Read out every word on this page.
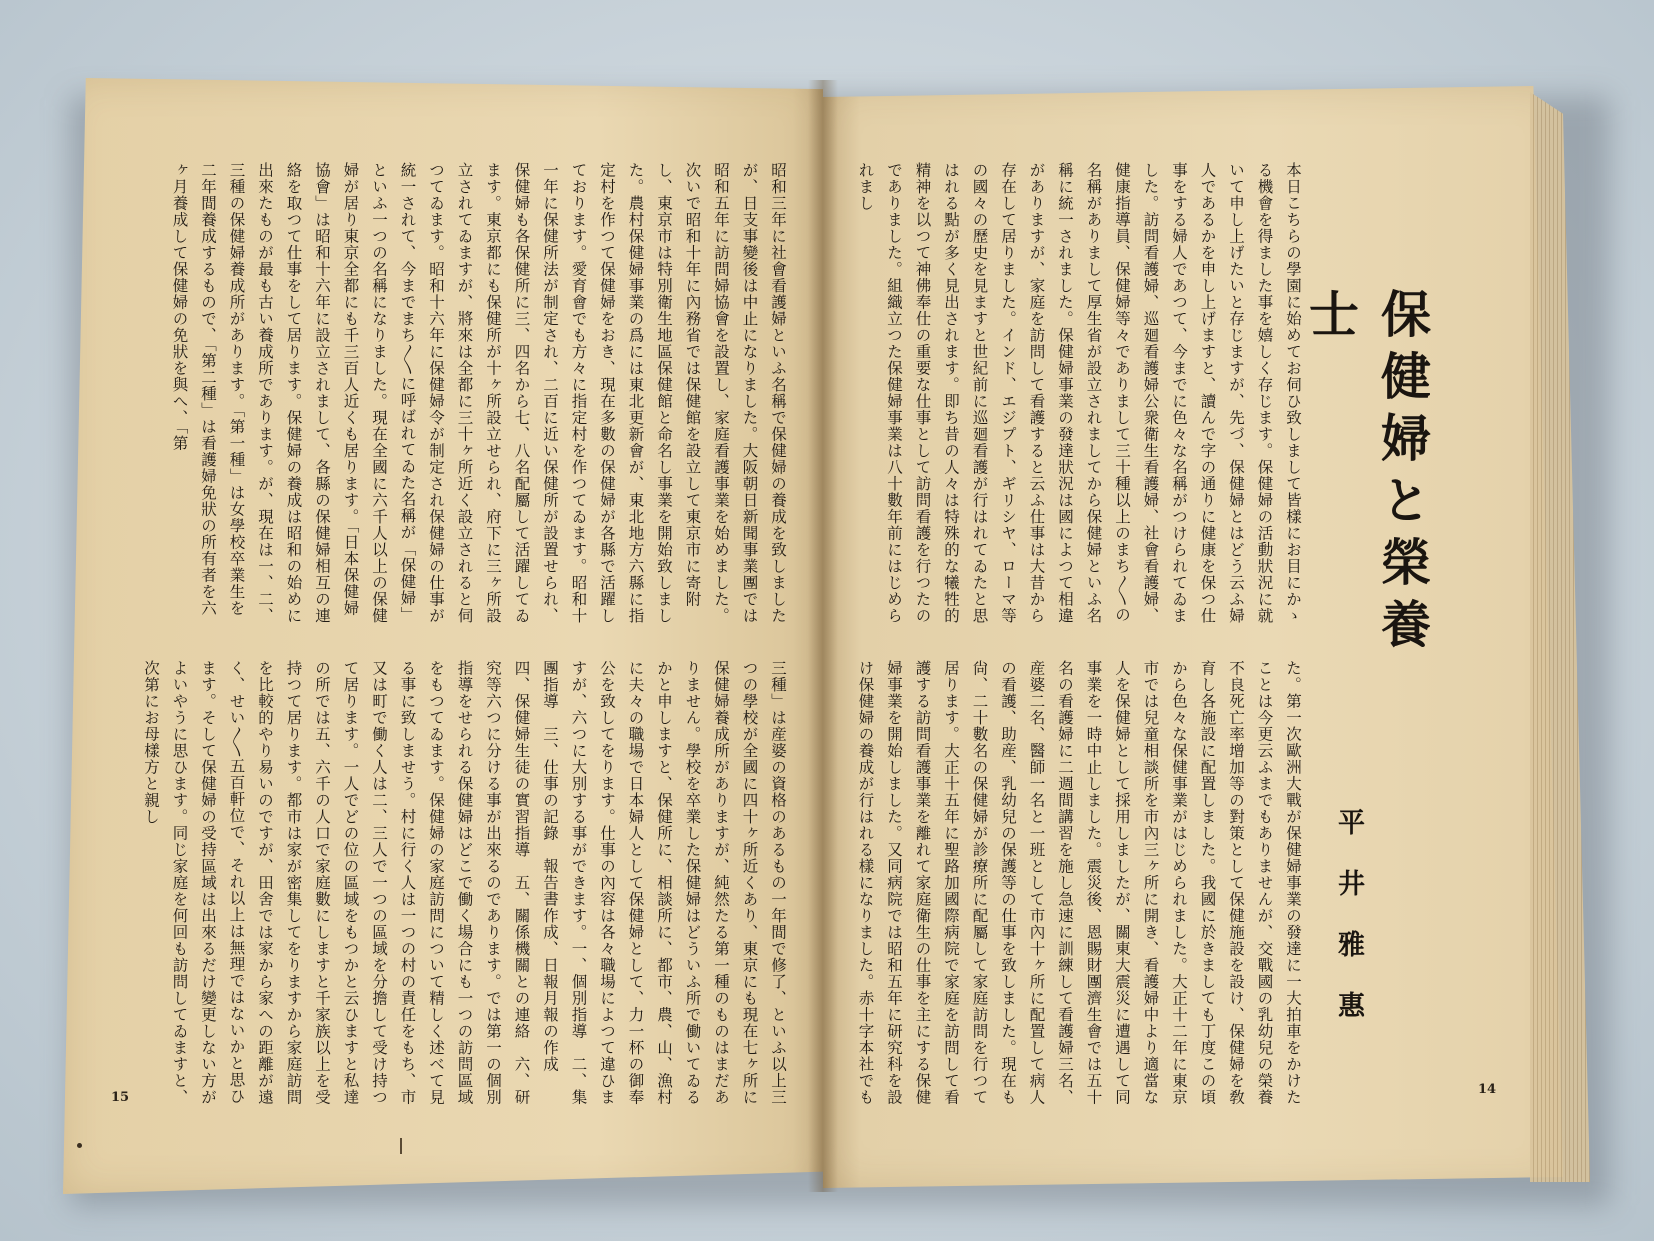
保健婦と榮養士
平井雅惠
本日こちらの學園に始めてお伺ひ致しまして皆樣にお目にかゝる機會を得ました事を嬉しく存じます。保健婦の活動狀況に就いて申し上げたいと存じますが、先づ、保健婦とはどう云ふ婦人であるかを申し上げますと、讀んで字の通りに健康を保つ仕事をする婦人であつて、今までに色々な名稱がつけられてゐました。訪問看護婦、巡廻看護婦公衆衛生看護婦、社會看護婦、健康指導員、保健婦等々でありまして三十種以上のまち〳〵の名稱がありまして厚生省が設立されましてから保健婦といふ名稱に統一されました。保健婦事業の發達狀況は國によつて相違がありますが、家庭を訪問して看護すると云ふ仕事は大昔から存在して居りました。インド、エジプト、ギリシヤ、ローマ等の國々の歷史を見ますと世紀前に巡廻看護が行はれてゐたと思はれる點が多く見出されます。即ち昔の人々は特殊的な犧牲的精神を以つて神佛奉仕の重要な仕事として訪問看護を行つたのでありました。組織立つた保健婦事業は八十數年前にはじめられまし
た。第一次歐洲大戰が保健婦事業の發達に一大拍車をかけたことは今更云ふまでもありませんが、交戰國の乳幼兒の榮養不良死亡率增加等の對策として保健施設を設け、保健婦を敎育し各施設に配置しました。我國に於きましても丁度この頃から色々な保健事業がはじめられました。大正十二年に東京市では兒童相談所を市內三ヶ所に開き、看護婦中より適當な人を保健婦として採用しましたが、關東大震災に遭遇して同事業を一時中止しました。震災後、恩賜財團濟生會では五十名の看護婦に二週間講習を施し急速に訓練して看護婦三名、産婆二名、醫師一名と一班として市內十ヶ所に配置して病人の看護、助産、乳幼兒の保護等の仕事を致しました。現在も尙、二十數名の保健婦が診療所に配屬して家庭訪問を行つて居ります。大正十五年に聖路加國際病院で家庭を訪問して看護する訪問看護事業を離れて家庭衛生の仕事を主にする保健婦事業を開始しました。又同病院では昭和五年に研究科を設け保健婦の養成が行はれる樣になりました。赤十字本社でも	14
昭和三年に社會看護婦といふ名稱で保健婦の養成を致しましたが、日支事變後は中止になりました。大阪朝日新聞事業團では昭和五年に訪問婦協會を設置し、家庭看護事業を始めました。次いで昭和十年に內務省では保健館を設立して東京市に寄附し、東京市は特別衛生地區保健館と命名し事業を開始致しました。農村保健婦事業の爲には東北更新會が、東北地方六縣に指定村を作つて保健婦をおき、現在多數の保健婦が各縣で活躍しております。愛育會でも方々に指定村を作つてゐます。昭和十一年に保健所法が制定され、二百に近い保健所が設置せられ、保健婦も各保健所に三、四名から七、八名配屬して活躍してゐます。東京都にも保健所が十ヶ所設立せられ、府下に三ヶ所設立されてゐますが、將來は全都に三十ヶ所近く設立されると伺つてゐます。昭和十六年に保健婦令が制定され保健婦の仕事が統一されて、今までまち〳〵に呼ばれてゐた名稱が「保健婦」といふ一つの名稱になりました。現在全國に六千人以上の保健婦が居り東京全都にも千三百人近くも居ります。「日本保健婦協會」は昭和十六年に設立されまして、各縣の保健婦相互の連絡を取つて仕事をして居ります。保健婦の養成は昭和の始めに出來たものが最も古い養成所であります。が、現在は一、二、三種の保健婦養成所があります。「第一種」は女學校卒業生を二年間養成するもので、「第二種」は看護婦免狀の所有者を六ヶ月養成して保健婦の免狀を與へ、「第
三種」は産婆の資格のあるもの一年間で修了、といふ以上三つの學校が全國に四十ヶ所近くあり、東京にも現在七ヶ所に保健婦養成所がありますが、純然たる第一種のものはまだありません。學校を卒業した保健婦はどういふ所で働いてゐるかと申しますと、保健所に、相談所に、都市、農、山、漁村に夫々の職場で日本婦人として保健婦として、力一杯の御奉公を致してをります。仕事の內容は各々職場によつて違ひますが、六つに大別する事ができます。一、個別指導　二、集團指導　三、仕事の記錄　報告書作成、日報月報の作成　四、保健婦生徒の實習指導　五、關係機關との連絡　六、研究等六つに分ける事が出來るのであります。では第一の個別指導をせられる保健婦はどこで働く場合にも一つの訪問區域をもつてゐます。保健婦の家庭訪問について精しく述べて見る事に致しませう。村に行く人は一つの村の責任をもち、市又は町で働く人は二、三人で一つの區域を分擔して受け持つて居ります。一人でどの位の區域をもつかと云ひますと私達の所では五、六千の人口で家庭數にしますと千家族以上を受持つて居ります。都市は家が密集してをりますから家庭訪問を比較的やり易いのですが、田舍では家から家への距離が遠く、せい〳〵五百軒位で、それ以上は無理ではないかと思ひます。そして保健婦の受持區域は出來るだけ變更しない方がよいやうに思ひます。同じ家庭を何回も訪問してゐますと、次第にお母樣方と親し
15
